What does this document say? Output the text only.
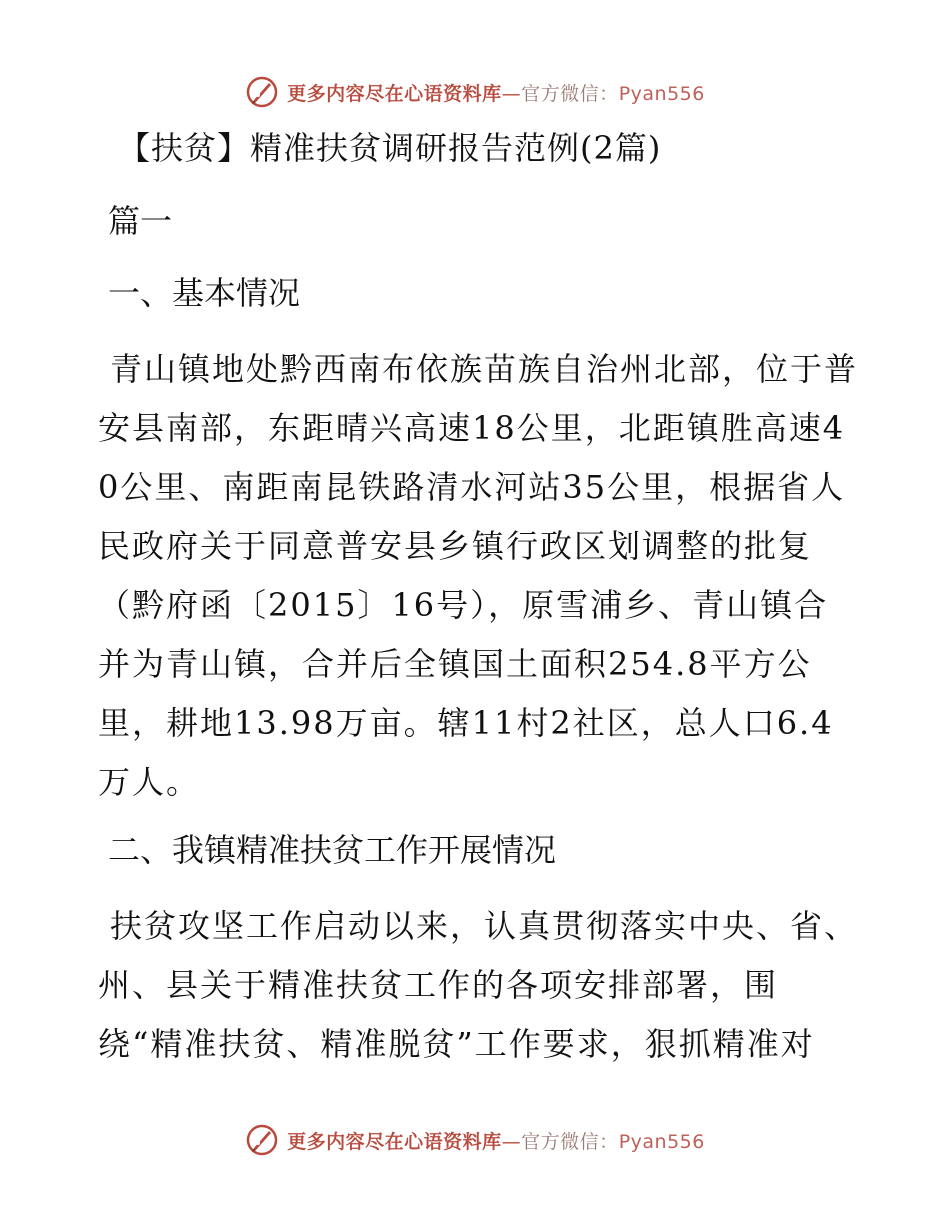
更多内容尽在心语资料库—官方微信：Pyan556
【扶贫】精准扶贫调研报告范例(2篇)
篇一
一、基本情况
青山镇地处黔西南布依族苗族自治州北部，位于普安县南部，东距晴兴高速18公里，北距镇胜高速40公里、南距南昆铁路清水河站35公里，根据省人民政府关于同意普安县乡镇行政区划调整的批复（黔府函〔2015〕16号），原雪浦乡、青山镇合并为青山镇，合并后全镇国土面积254.8平方公里，耕地13.98万亩。辖11村2社区，总人口6.4万人。
二、我镇精准扶贫工作开展情况
扶贫攻坚工作启动以来，认真贯彻落实中央、省、州、县关于精准扶贫工作的各项安排部署，围绕“精准扶贫、精准脱贫”工作要求，狠抓精准对
更多内容尽在心语资料库—官方微信：Pyan556
